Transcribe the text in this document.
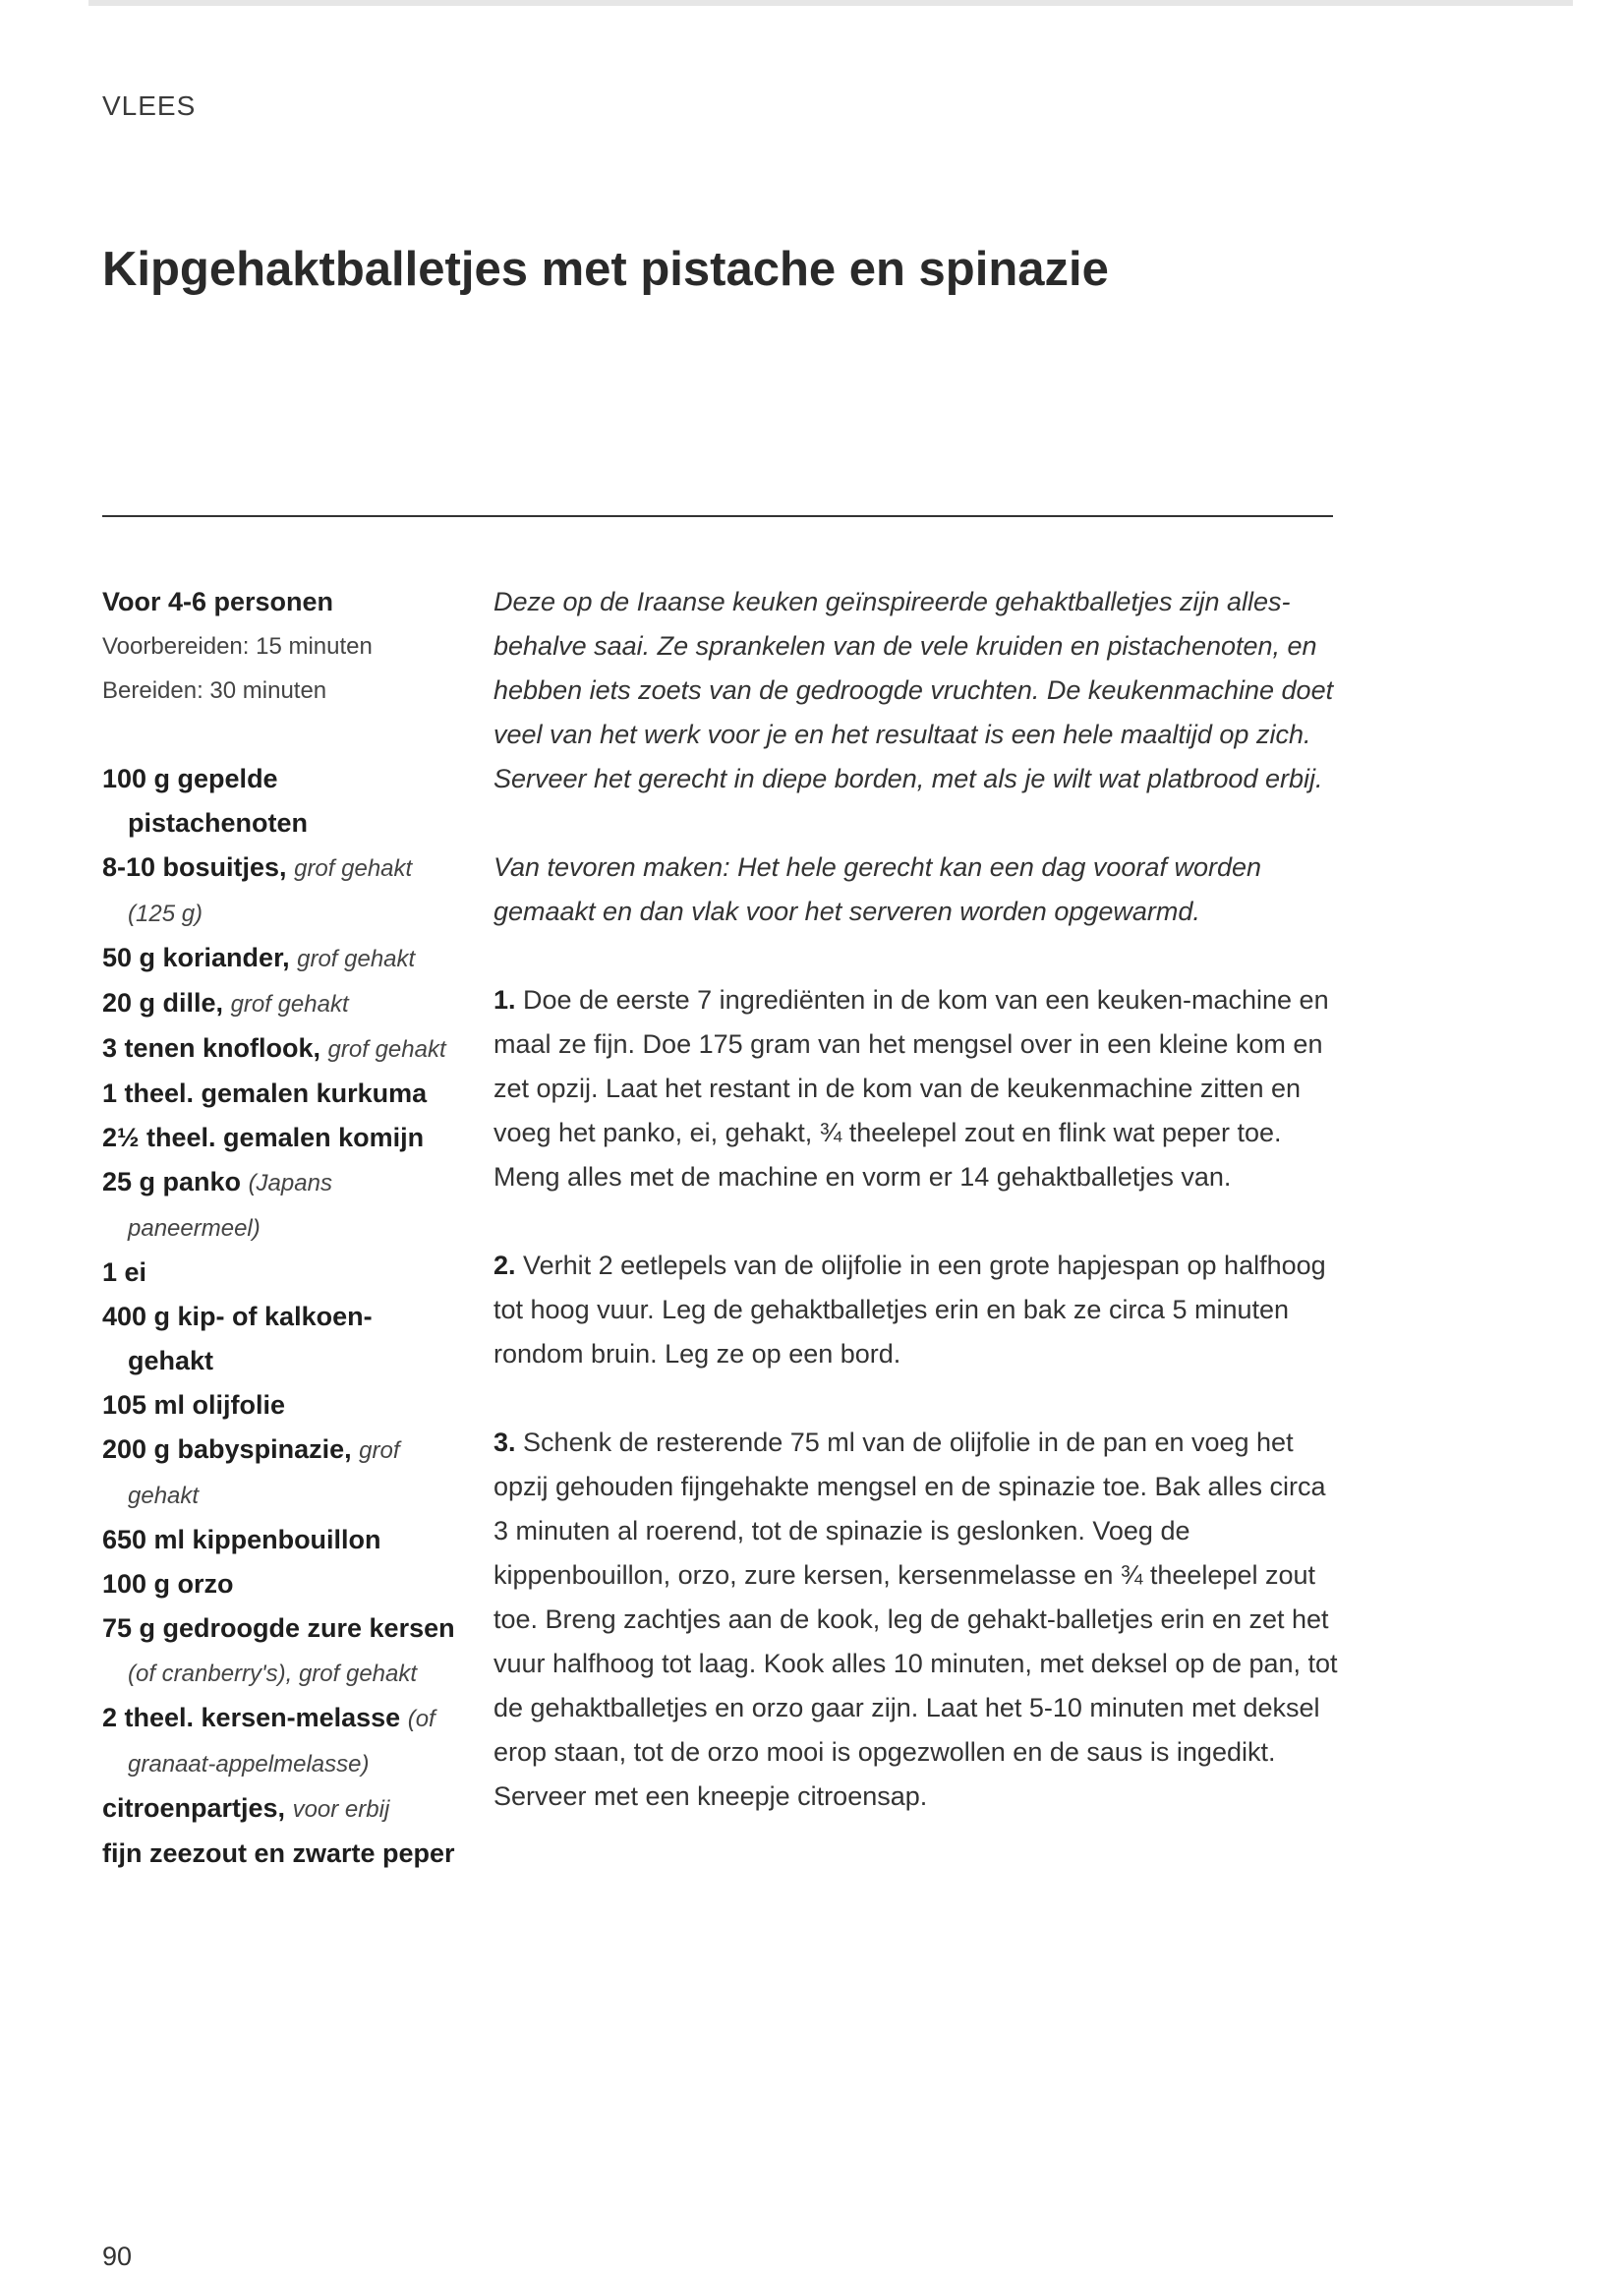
VLEES
Kipgehaktballetjes met pistache en spinazie
Voor 4-6 personen
Voorbereiden: 15 minuten
Bereiden: 30 minuten
100 g gepelde pistachenoten
8-10 bosuitjes, grof gehakt (125 g)
50 g koriander, grof gehakt
20 g dille, grof gehakt
3 tenen knoflook, grof gehakt
1 theel. gemalen kurkuma
2½ theel. gemalen komijn
25 g panko (Japans paneermeel)
1 ei
400 g kip- of kalkoen-gehakt
105 ml olijfolie
200 g babyspinazie, grof gehakt
650 ml kippenbouillon
100 g orzo
75 g gedroogde zure kersen (of cranberry's), grof gehakt
2 theel. kersen-melasse (of granaat-appelmelasse)
citroenpartjes, voor erbij
fijn zeezout en zwarte peper

Deze op de Iraanse keuken geïnspireerde gehaktballetjes zijn alles-behalve saai. Ze sprankelen van de vele kruiden en pistachenoten, en hebben iets zoets van de gedroogde vruchten. De keukenmachine doet veel van het werk voor je en het resultaat is een hele maaltijd op zich. Serveer het gerecht in diepe borden, met als je wilt wat platbrood erbij.

Van tevoren maken: Het hele gerecht kan een dag vooraf worden gemaakt en dan vlak voor het serveren worden opgewarmd.

1. Doe de eerste 7 ingrediënten in de kom van een keuken-machine en maal ze fijn. Doe 175 gram van het mengsel over in een kleine kom en zet opzij. Laat het restant in de kom van de keukenmachine zitten en voeg het panko, ei, gehakt, ¾ theelepel zout en flink wat peper toe. Meng alles met de machine en vorm er 14 gehaktballetjes van.

2. Verhit 2 eetlepels van de olijfolie in een grote hapjespan op halfhoog tot hoog vuur. Leg de gehaktballetjes erin en bak ze circa 5 minuten rondom bruin. Leg ze op een bord.

3. Schenk de resterende 75 ml van de olijfolie in de pan en voeg het opzij gehouden fijngehakte mengsel en de spinazie toe. Bak alles circa 3 minuten al roerend, tot de spinazie is geslonken. Voeg de kippenbouillon, orzo, zure kersen, kersenmelasse en ¾ theelepel zout toe. Breng zachtjes aan de kook, leg de gehakt-balletjes erin en zet het vuur halfhoog tot laag. Kook alles 10 minuten, met deksel op de pan, tot de gehaktballetjes en orzo gaar zijn. Laat het 5-10 minuten met deksel erop staan, tot de orzo mooi is opgezwollen en de saus is ingedikt. Serveer met een kneepje citroensap.

90
